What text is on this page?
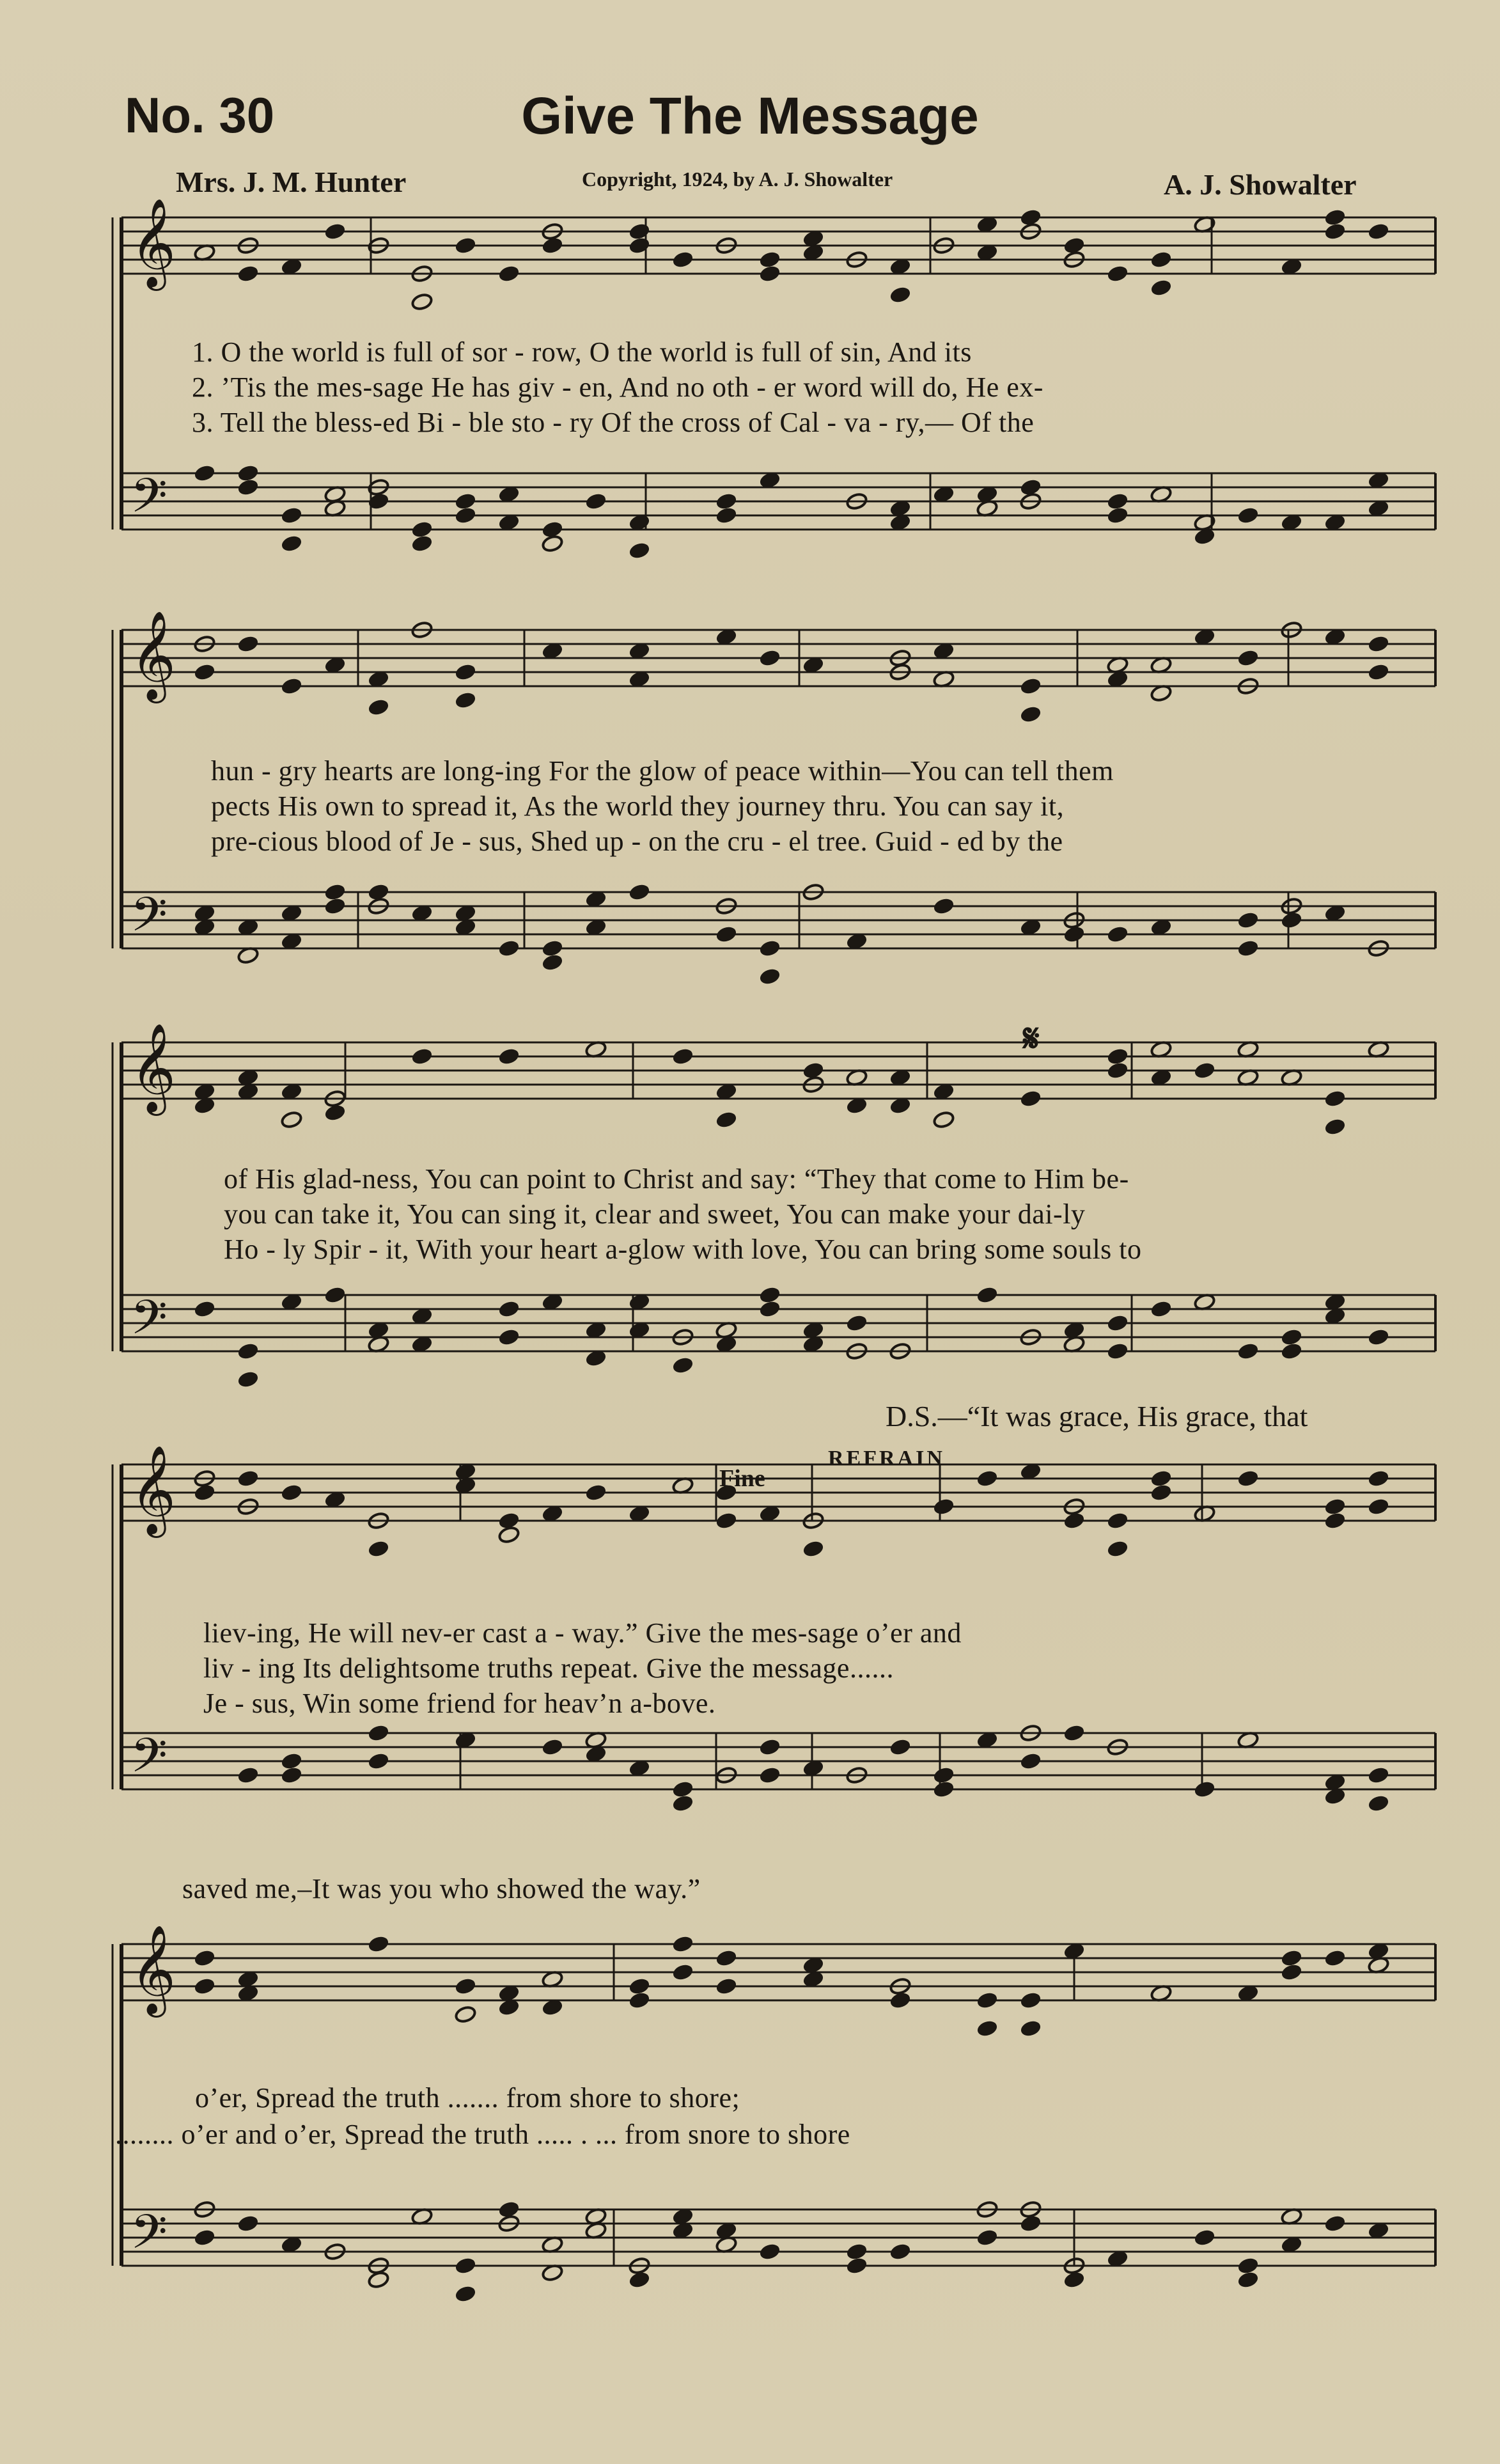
No. 30	Give The Message
Mrs. J. M. Hunter	Copyright, 1924, by A. J. Showalter	A. J. Showalter
𝄞
𝄢
𝄞
𝄢
𝄞
𝄢
𝄞
𝄢
𝄞
𝄢
1. O the world is full of sor - row, O the world is full of sin, And its
2. ’Tis the mes-sage He has giv - en, And no oth - er word will do, He ex-
3. Tell the bless-ed Bi - ble sto - ry Of the cross of Cal - va - ry,— Of the
hun - gry hearts are long-ing For the glow of peace within—You can tell them
pects His own to spread it, As the world they journey thru. You can say it,
pre-cious blood of Je - sus, Shed up - on the cru - el tree. Guid - ed by the
of His glad-ness, You can point to Christ and say: “They that come to Him be-
you can take it, You can sing it, clear and sweet, You can make your dai-ly
Ho - ly Spir - it, With your heart a-glow with love, You can bring some souls to
D.S.—“It was grace, His grace, that
Fine
REFRAIN
liev-ing, He will nev-er cast a - way.” Give the mes-sage o’er and
liv - ing Its delightsome truths repeat. Give the message......
Je - sus, Win some friend for heav’n a-bove.
saved me,–It was you who showed the way.”
o’er, Spread the truth ....... from shore to shore;
........ o’er and o’er, Spread the truth ..... . ... from snore to shore
𝄋
